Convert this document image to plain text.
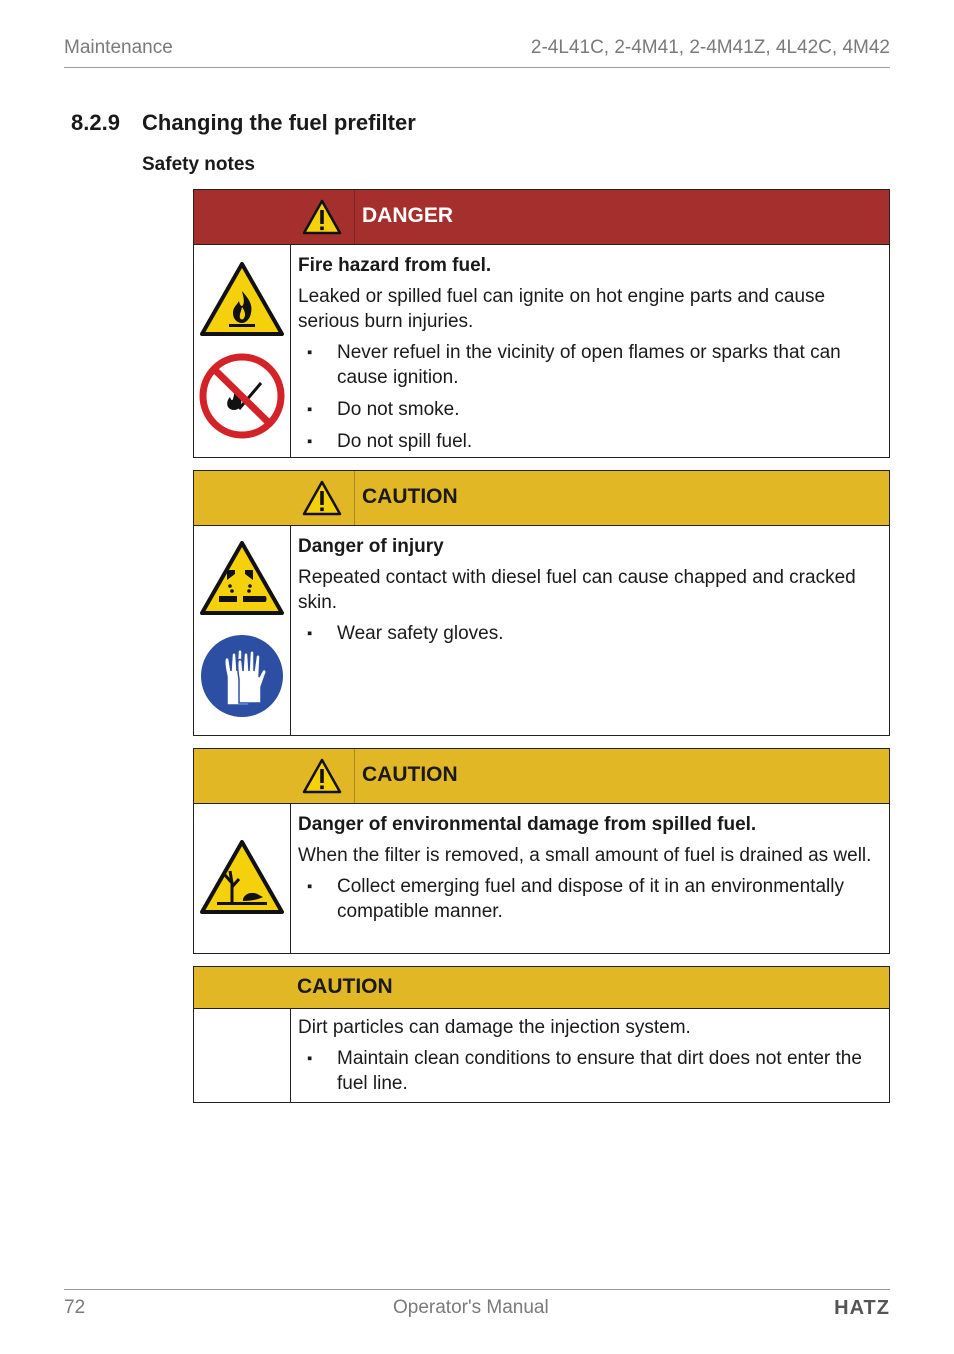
Maintenance	2-4L41C, 2-4M41, 2-4M41Z, 4L42C, 4M42
8.2.9 Changing the fuel prefilter
Safety notes
DANGER
Fire hazard from fuel.

Leaked or spilled fuel can ignite on hot engine parts and cause serious burn injuries.

▪ Never refuel in the vicinity of open flames or sparks that can cause ignition.
▪ Do not smoke.
▪ Do not spill fuel.
CAUTION
Danger of injury

Repeated contact with diesel fuel can cause chapped and cracked skin.

▪ Wear safety gloves.
CAUTION
Danger of environmental damage from spilled fuel.

When the filter is removed, a small amount of fuel is drained as well.

▪ Collect emerging fuel and dispose of it in an environmentally compatible manner.
CAUTION

Dirt particles can damage the injection system.

▪ Maintain clean conditions to ensure that dirt does not enter the fuel line.
72	Operator's Manual	HATZ
